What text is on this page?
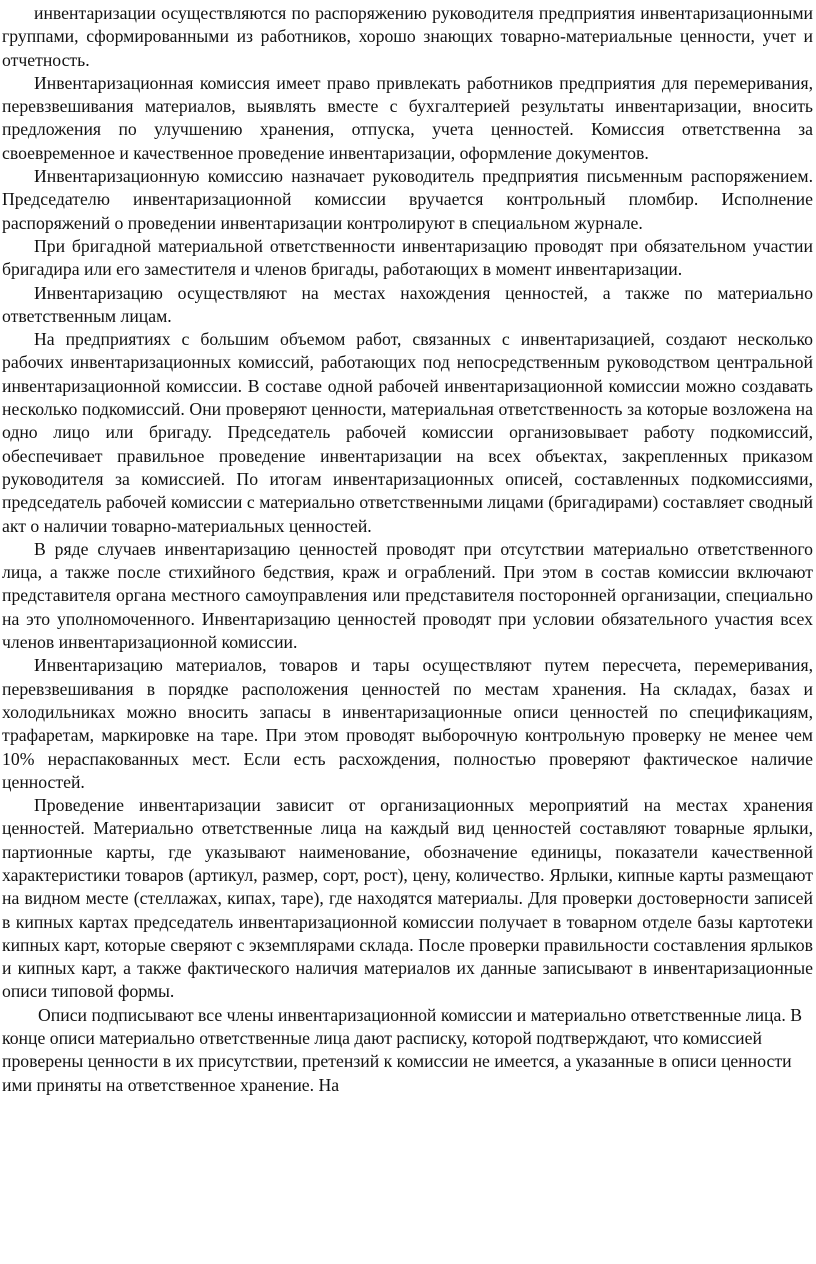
инвентаризации осуществляются по распоряжению руководителя предприятия инвентаризационными группами, сформированными из работников, хорошо знающих товарно-материальные ценности, учет и отчетность.

Инвентаризационная комиссия имеет право привлекать работников предприятия для перемеривания, перевзвешивания материалов, выявлять вместе с бухгалтерией результаты инвентаризации, вносить предложения по улучшению хранения, отпуска, учета ценностей. Комиссия ответственна за своевременное и качественное проведение инвентаризации, оформление документов.

Инвентаризационную комиссию назначает руководитель предприятия письменным распоряжением. Председателю инвентаризационной комиссии вручается контрольный пломбир. Исполнение распоряжений о проведении инвентаризации контролируют в специальном журнале.

При бригадной материальной ответственности инвентаризацию проводят при обязательном участии бригадира или его заместителя и членов бригады, работающих в момент инвентаризации.

Инвентаризацию осуществляют на местах нахождения ценностей, а также по материально ответственным лицам.

На предприятиях с большим объемом работ, связанных с инвентаризацией, создают несколько рабочих инвентаризационных комиссий, работающих под непосредственным руководством центральной инвентаризационной комиссии. В составе одной рабочей инвентаризационной комиссии можно создавать несколько подкомиссий. Они проверяют ценности, материальная ответственность за которые возложена на одно лицо или бригаду. Председатель рабочей комиссии организовывает работу подкомиссий, обеспечивает правильное проведение инвентаризации на всех объектах, закрепленных приказом руководителя за комиссией. По итогам инвентаризационных описей, составленных подкомиссиями, председатель рабочей комиссии с материально ответственными лицами (бригадирами) составляет сводный акт о наличии товарно-материальных ценностей.

В ряде случаев инвентаризацию ценностей проводят при отсутствии материально ответственного лица, а также после стихийного бедствия, краж и ограблений. При этом в состав комиссии включают представителя органа местного самоуправления или представителя посторонней организации, специально на это уполномоченного. Инвентаризацию ценностей проводят при условии обязательного участия всех членов инвентаризационной комиссии.

Инвентаризацию материалов, товаров и тары осуществляют путем пересчета, перемеривания, перевзвешивания в порядке расположения ценностей по местам хранения. На складах, базах и холодильниках можно вносить запасы в инвентаризационные описи ценностей по спецификациям, трафаретам, маркировке на таре. При этом проводят выборочную контрольную проверку не менее чем 10% нераспакованных мест. Если есть расхождения, полностью проверяют фактическое наличие ценностей.

Проведение инвентаризации зависит от организационных мероприятий на местах хранения ценностей. Материально ответственные лица на каждый вид ценностей составляют товарные ярлыки, партионные карты, где указывают наименование, обозначение единицы, показатели качественной характеристики товаров (артикул, размер, сорт, рост), цену, количество. Ярлыки, кипные карты размещают на видном месте (стеллажах, кипах, таре), где находятся материалы. Для проверки достоверности записей в кипных картах председатель инвентаризационной комиссии получает в товарном отделе базы картотеки кипных карт, которые сверяют с экземплярами склада. После проверки правильности составления ярлыков и кипных карт, а также фактического наличия материалов их данные записывают в инвентаризационные описи типовой формы.

Описи подписывают все члены инвентаризационной комиссии и материально ответственные лица. В конце описи материально ответственные лица дают расписку, которой подтверждают, что комиссией проверены ценности в их присутствии, претензий к комиссии не имеется, а указанные в описи ценности ими приняты на ответственное хранение. На
